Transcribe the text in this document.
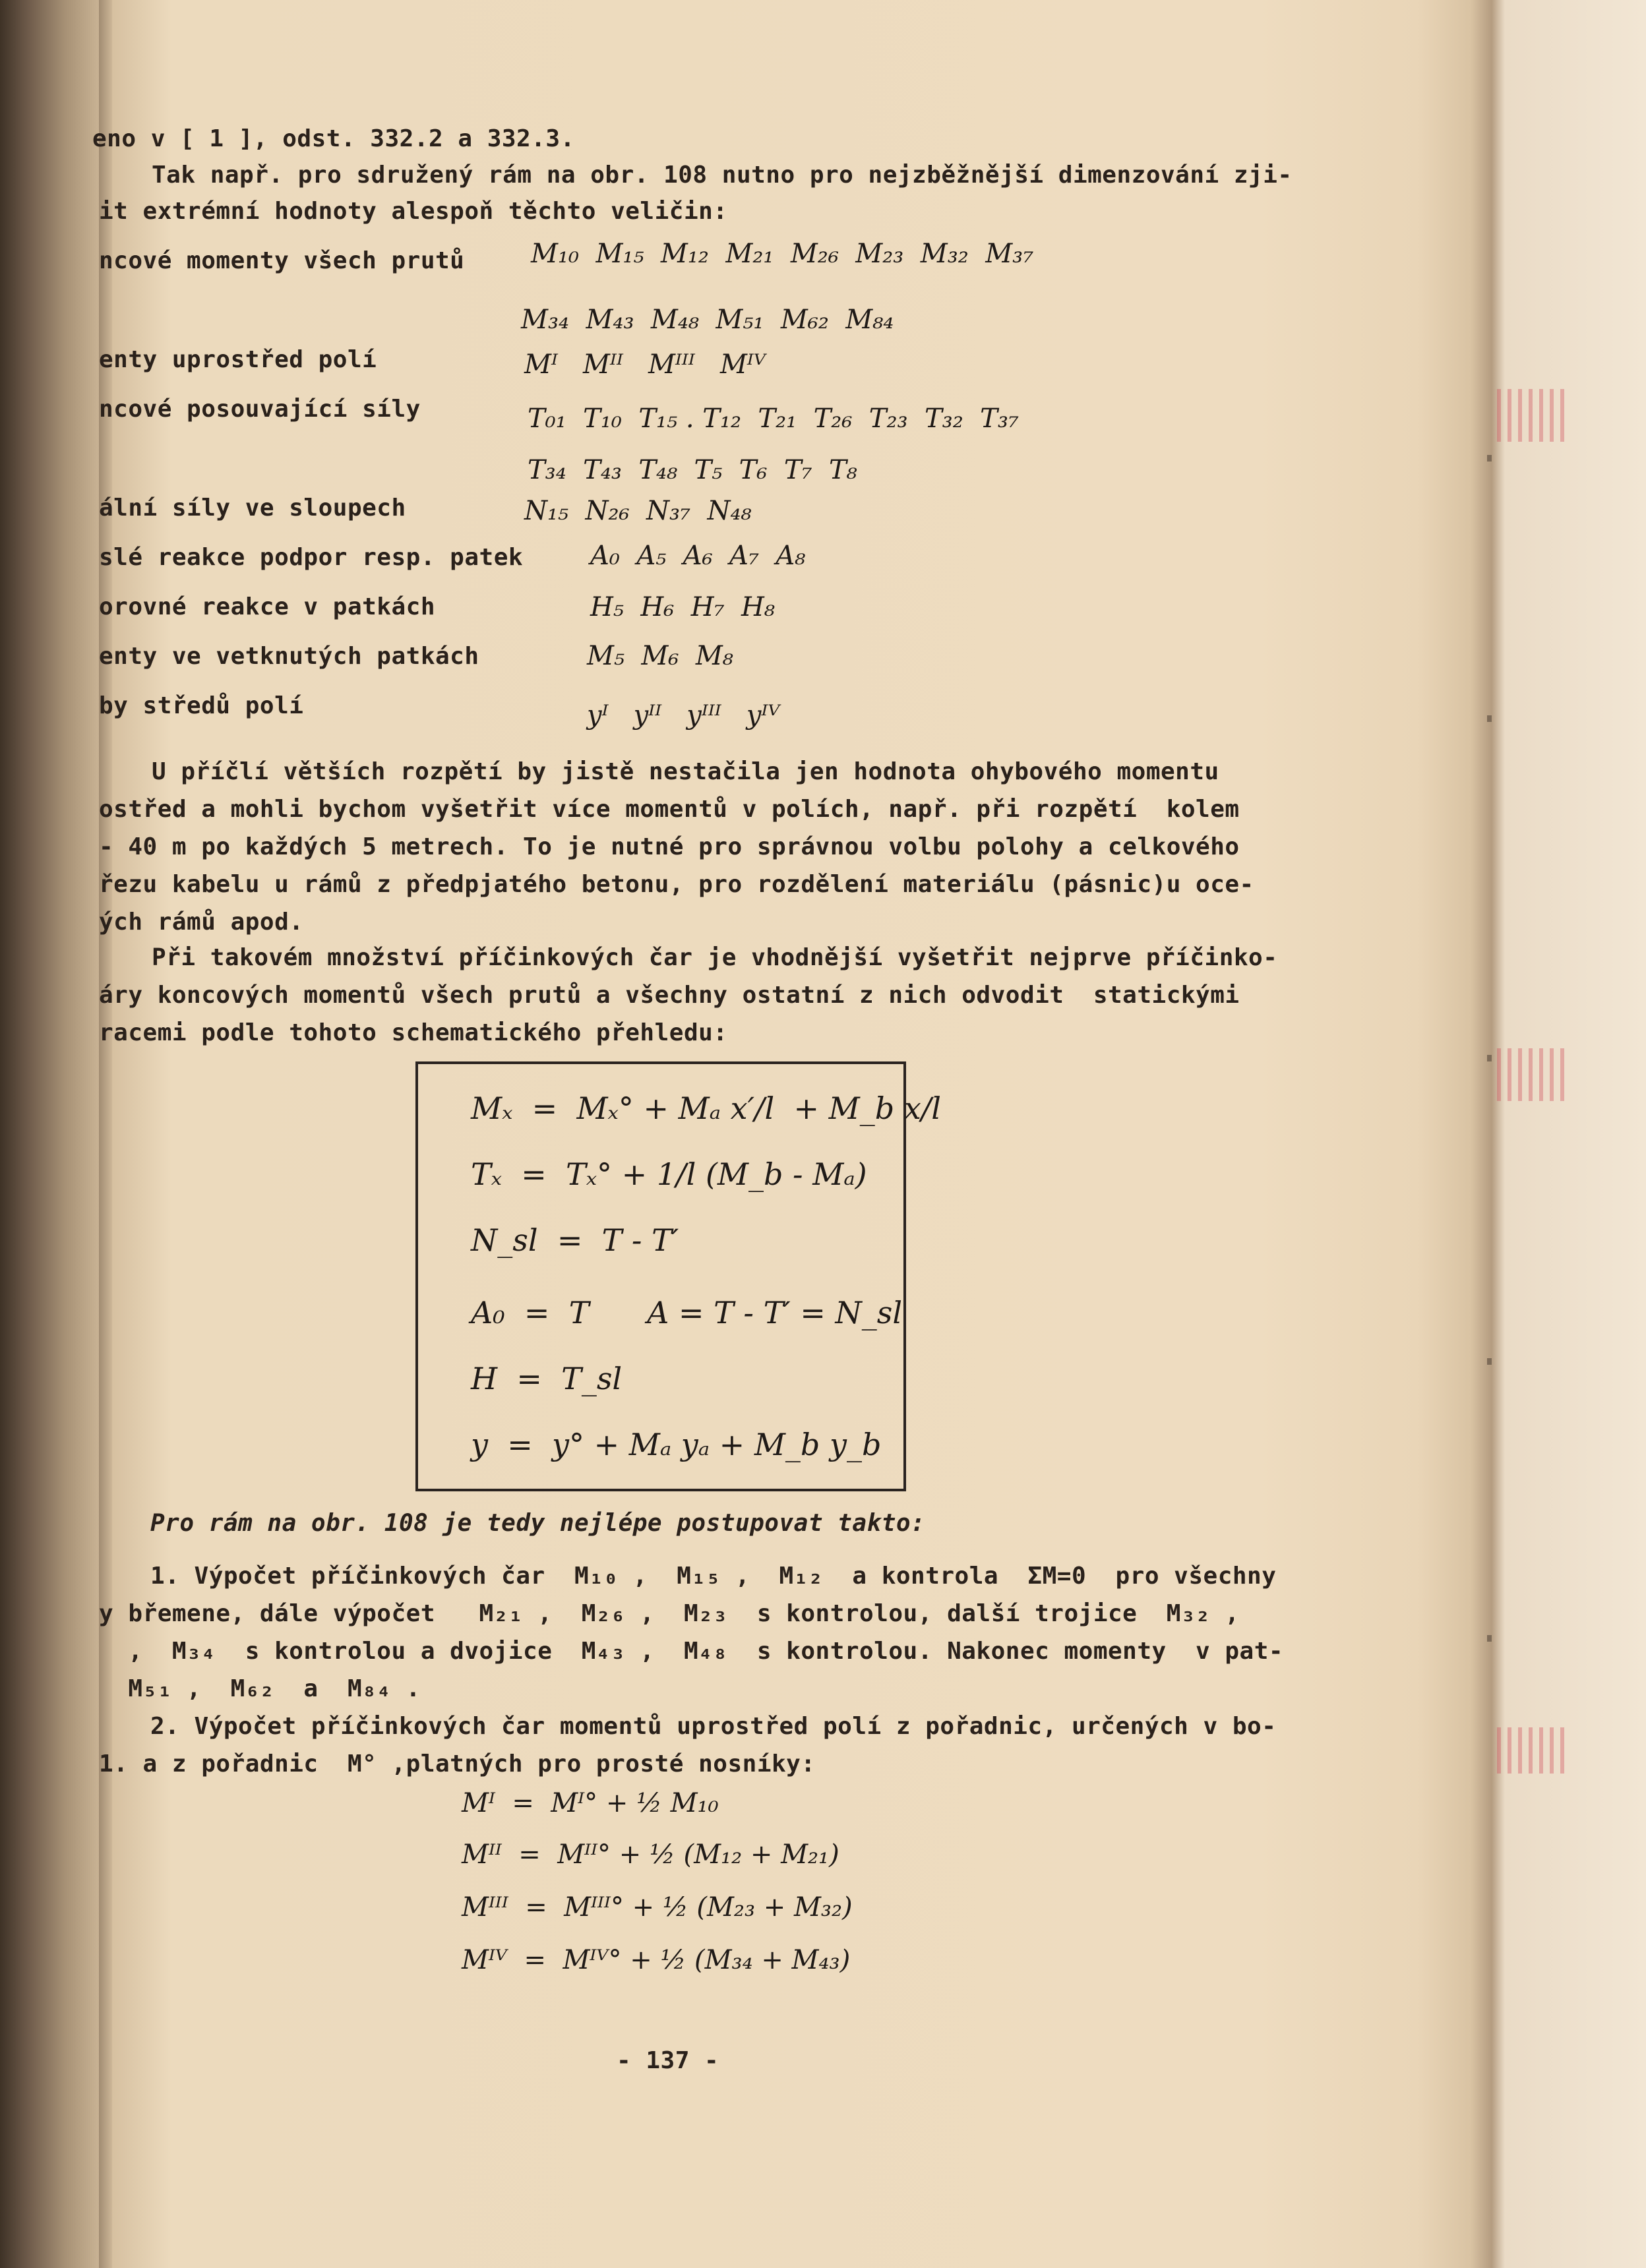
eno v [ 1 ], odst. 332.2 a 332.3.
Tak např. pro sdružený rám na obr. 108 nutno pro nejzběžnější dimenzování zji-
it extrémní hodnoty alespoň těchto veličin:
ncové momenty všech prutů	M₁₀  M₁₅  M₁₂  M₂₁  M₂₆  M₂₃  M₃₂  M₃₇
M₃₄  M₄₃  M₄₈  M₅₁  M₆₂  M₈₄
enty uprostřed polí	Mᴵ   Mᴵᴵ   Mᴵᴵᴵ   Mᴵⱽ
ncové posouvající síly	T₀₁  T₁₀  T₁₅ . T₁₂  T₂₁  T₂₆  T₂₃  T₃₂  T₃₇
T₃₄  T₄₃  T₄₈  T₅  T₆  T₇  T₈
ální síly ve sloupech	N₁₅  N₂₆  N₃₇  N₄₈
slé reakce podpor resp. patek	A₀  A₅  A₆  A₇  A₈
orovné reakce v patkách	H₅  H₆  H₇  H₈
enty ve vetknutých patkách	M₅  M₆  M₈
by středů polí	yᴵ   yᴵᴵ   yᴵᴵᴵ   yᴵⱽ
U příčlí větších rozpětí by jistě nestačila jen hodnota ohybového momentu
ostřed a mohli bychom vyšetřit více momentů v polích, např. při rozpětí  kolem
- 40 m po každých 5 metrech. To je nutné pro správnou volbu polohy a celkového
řezu kabelu u rámů z předpjatého betonu, pro rozdělení materiálu (pásnic)u oce-
ých rámů apod.
Při takovém množství příčinkových čar je vhodnější vyšetřit nejprve příčinko-
áry koncových momentů všech prutů a všechny ostatní z nich odvodit  statickými
racemi podle tohoto schematického přehledu:
Mₓ  =  Mₓ° + Mₐ x′/l  + M_b x/l
Tₓ  =  Tₓ° + 1/l (M_b - Mₐ)
N_sl  =  T - T′
A₀  =  T      A = T - T′ = N_sl
H  =  T_sl
y  =  y° + Mₐ yₐ + M_b y_b
Pro rám na obr. 108 je tedy nejlépe postupovat takto:
1. Výpočet příčinkových čar  M₁₀ ,  M₁₅ ,  M₁₂  a kontrola  ΣM=0  pro všechny
y břemene, dále výpočet   M₂₁ ,  M₂₆ ,  M₂₃  s kontrolou, další trojice  M₃₂ ,
,  M₃₄  s kontrolou a dvojice  M₄₃ ,  M₄₈  s kontrolou. Nakonec momenty  v pat-
M₅₁ ,  M₆₂  a  M₈₄ .
2. Výpočet příčinkových čar momentů uprostřed polí z pořadnic, určených v bo-
1. a z pořadnic  M° ,platných pro prosté nosníky:
Mᴵ  =  Mᴵ° + ½ M₁₀
Mᴵᴵ  =  Mᴵᴵ° + ½ (M₁₂ + M₂₁)
Mᴵᴵᴵ  =  Mᴵᴵᴵ° + ½ (M₂₃ + M₃₂)
Mᴵⱽ  =  Mᴵⱽ° + ½ (M₃₄ + M₄₃)
- 137 -
